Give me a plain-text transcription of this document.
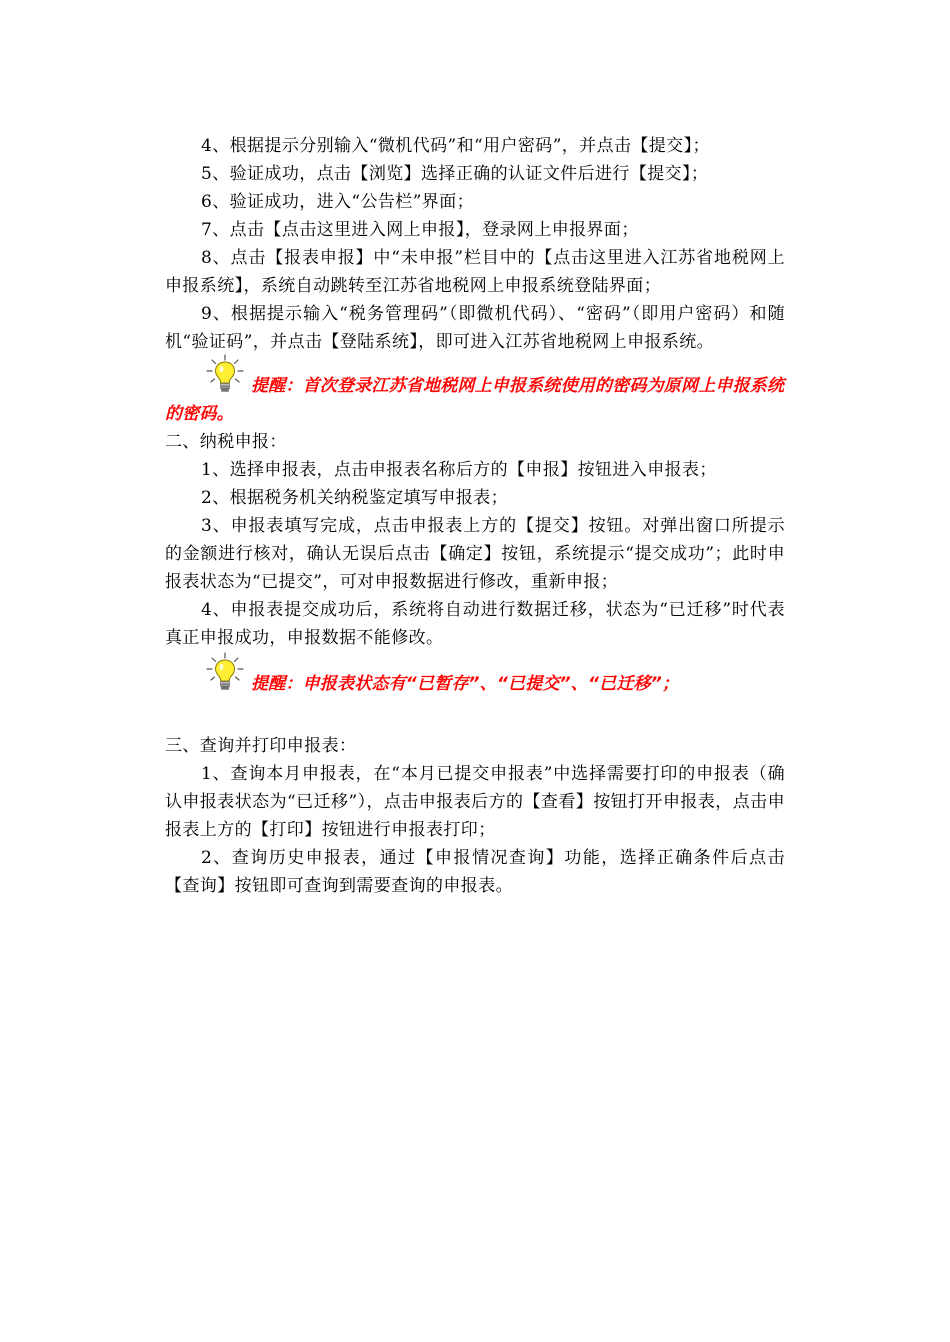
4、根据提示分别输入“微机代码”和“用户密码”，并点击【提交】；

5、验证成功，点击【浏览】选择正确的认证文件后进行【提交】；

6、验证成功，进入“公告栏”界面；

7、点击【点击这里进入网上申报】，登录网上申报界面；

8、点击【报表申报】中“未申报”栏目中的【点击这里进入江苏省地税网上申报系统】，系统自动跳转至江苏省地税网上申报系统登陆界面；

9、根据提示输入“税务管理码”（即微机代码）、“密码”（即用户密码）和随机“验证码”，并点击【登陆系统】，即可进入江苏省地税网上申报系统。

提醒：首次登录江苏省地税网上申报系统使用的密码为原网上申报系统的密码。

二、纳税申报：

1、选择申报表，点击申报表名称后方的【申报】按钮进入申报表；

2、根据税务机关纳税鉴定填写申报表；

3、申报表填写完成，点击申报表上方的【提交】按钮。对弹出窗口所提示的金额进行核对，确认无误后点击【确定】按钮，系统提示“提交成功”；此时申报表状态为“已提交”，可对申报数据进行修改，重新申报；

4、申报表提交成功后，系统将自动进行数据迁移，状态为“已迁移”时代表真正申报成功，申报数据不能修改。

提醒：申报表状态有“已暂存”、“已提交”、“已迁移”；

三、查询并打印申报表：

1、查询本月申报表，在“本月已提交申报表”中选择需要打印的申报表（确认申报表状态为“已迁移”），点击申报表后方的【查看】按钮打开申报表，点击申报表上方的【打印】按钮进行申报表打印；

2、查询历史申报表，通过【申报情况查询】功能，选择正确条件后点击【查询】按钮即可查询到需要查询的申报表。
